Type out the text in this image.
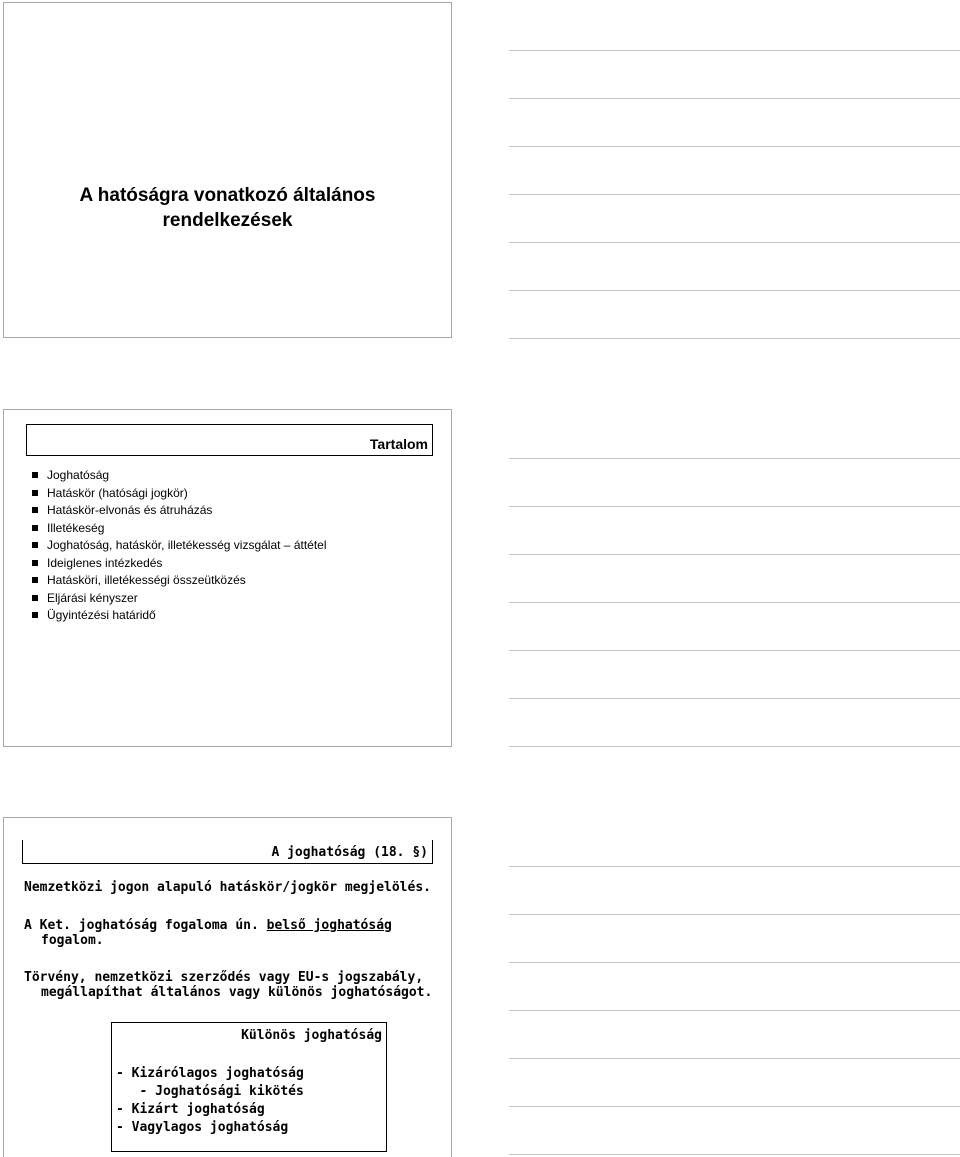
A hatóságra vonatkozó általános
rendelkezések
Tartalom
Joghatóság
Hatáskör (hatósági jogkör)
Hatáskör-elvonás és átruházás
Illetékeség
Joghatóság, hatáskör, illetékesség vizsgálat – áttétel
Ideiglenes intézkedés
Hatásköri, illetékességi összeütközés
Eljárási kényszer
Ügyintézési határidő
A joghatóság (18. §)
Nemzetközi jogon alapuló hatáskör/jogkör megjelölés.
A Ket. joghatóság fogaloma ún. belső joghatóság
fogalom.
Törvény, nemzetközi szerződés vagy EU-s jogszabály,
megállapíthat általános vagy különös joghatóságot.
Különös joghatóság
- Kizárólagos joghatóság
- Joghatósági kikötés
- Kizárt joghatóság
- Vagylagos joghatóság
